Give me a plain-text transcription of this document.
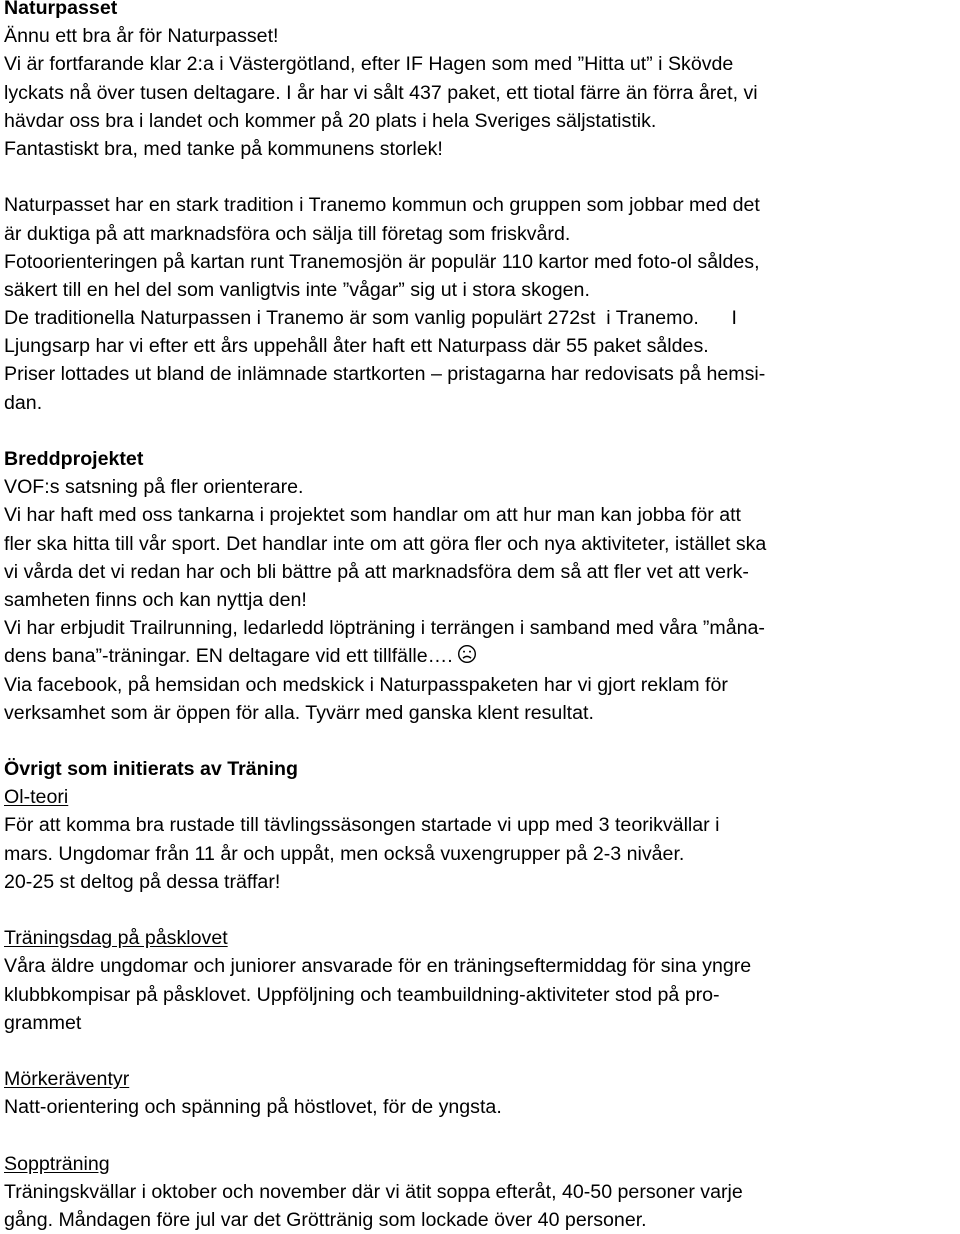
Naturpasset
Ännu ett bra år för Naturpasset!
Vi är fortfarande klar 2:a i Västergötland, efter IF Hagen som med ”Hitta ut” i Skövde
lyckats nå över tusen deltagare. I år har vi sålt 437 paket, ett tiotal färre än förra året, vi
hävdar oss bra i landet och kommer på 20 plats i hela Sveriges säljstatistik.
Fantastiskt bra, med tanke på kommunens storlek!
Naturpasset har en stark tradition i Tranemo kommun och gruppen som jobbar med det
är duktiga på att marknadsföra och sälja till företag som friskvård.
Fotoorienteringen på kartan runt Tranemosjön är populär 110 kartor med foto-ol såldes,
säkert till en hel del som vanligtvis inte ”vågar” sig ut i stora skogen.
De traditionella Naturpassen i Tranemo är som vanlig populärt 272st  i Tranemo.      I
Ljungsarp har vi efter ett års uppehåll åter haft ett Naturpass där 55 paket såldes.
Priser lottades ut bland de inlämnade startkorten – pristagarna har redovisats på hemsi-
dan.
Breddprojektet
VOF:s satsning på fler orienterare.
Vi har haft med oss tankarna i projektet som handlar om att hur man kan jobba för att
fler ska hitta till vår sport. Det handlar inte om att göra fler och nya aktiviteter, istället ska
vi vårda det vi redan har och bli bättre på att marknadsföra dem så att fler vet att verk-
samheten finns och kan nyttja den!
Vi har erbjudit Trailrunning, ledarledd löpträning i terrängen i samband med våra ”måna-
dens bana”-träningar. EN deltagare vid ett tillfälle….
Via facebook, på hemsidan och medskick i Naturpasspaketen har vi gjort reklam för
verksamhet som är öppen för alla. Tyvärr med ganska klent resultat.
Övrigt som initierats av Träning
Ol-teori
För att komma bra rustade till tävlingssäsongen startade vi upp med 3 teorikvällar i
mars. Ungdomar från 11 år och uppåt, men också vuxengrupper på 2-3 nivåer.
20-25 st deltog på dessa träffar!
Träningsdag på påsklovet
Våra äldre ungdomar och juniorer ansvarade för en träningseftermiddag för sina yngre
klubbkompisar på påsklovet. Uppföljning och teambuildning-aktiviteter stod på pro-
grammet
Mörkeräventyr
Natt-orientering och spänning på höstlovet, för de yngsta.
Soppträning
Träningskvällar i oktober och november där vi ätit soppa efteråt, 40-50 personer varje
gång. Måndagen före jul var det Gröttränig som lockade över 40 personer.
